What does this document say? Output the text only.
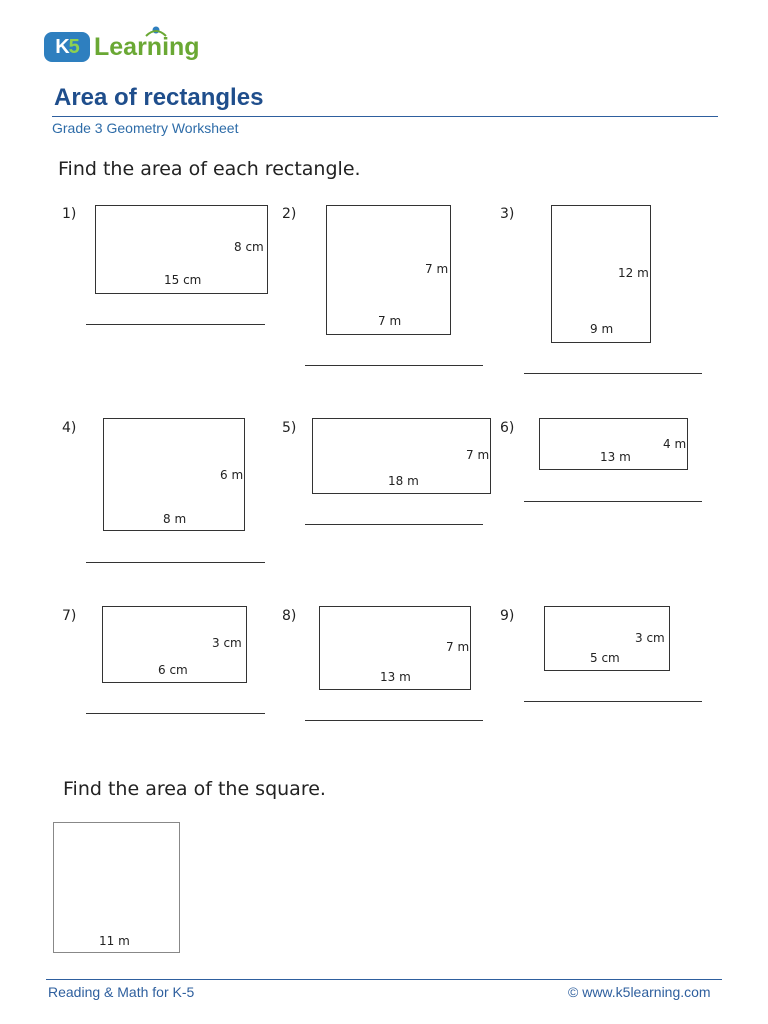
K5 Learning
Area of rectangles
Grade 3 Geometry Worksheet
Find the area of each rectangle.
1)
8 cm
15 cm
2)
7 m
7 m
3)
12 m
9 m
4)
6 m
8 m
5)
7 m
18 m
6)
4 m
13 m
7)
3 cm
6 cm
8)
7 m
13 m
9)
3 cm
5 cm
Find the area of the square.
11 m
Reading & Math for K-5	© www.k5learning.com
